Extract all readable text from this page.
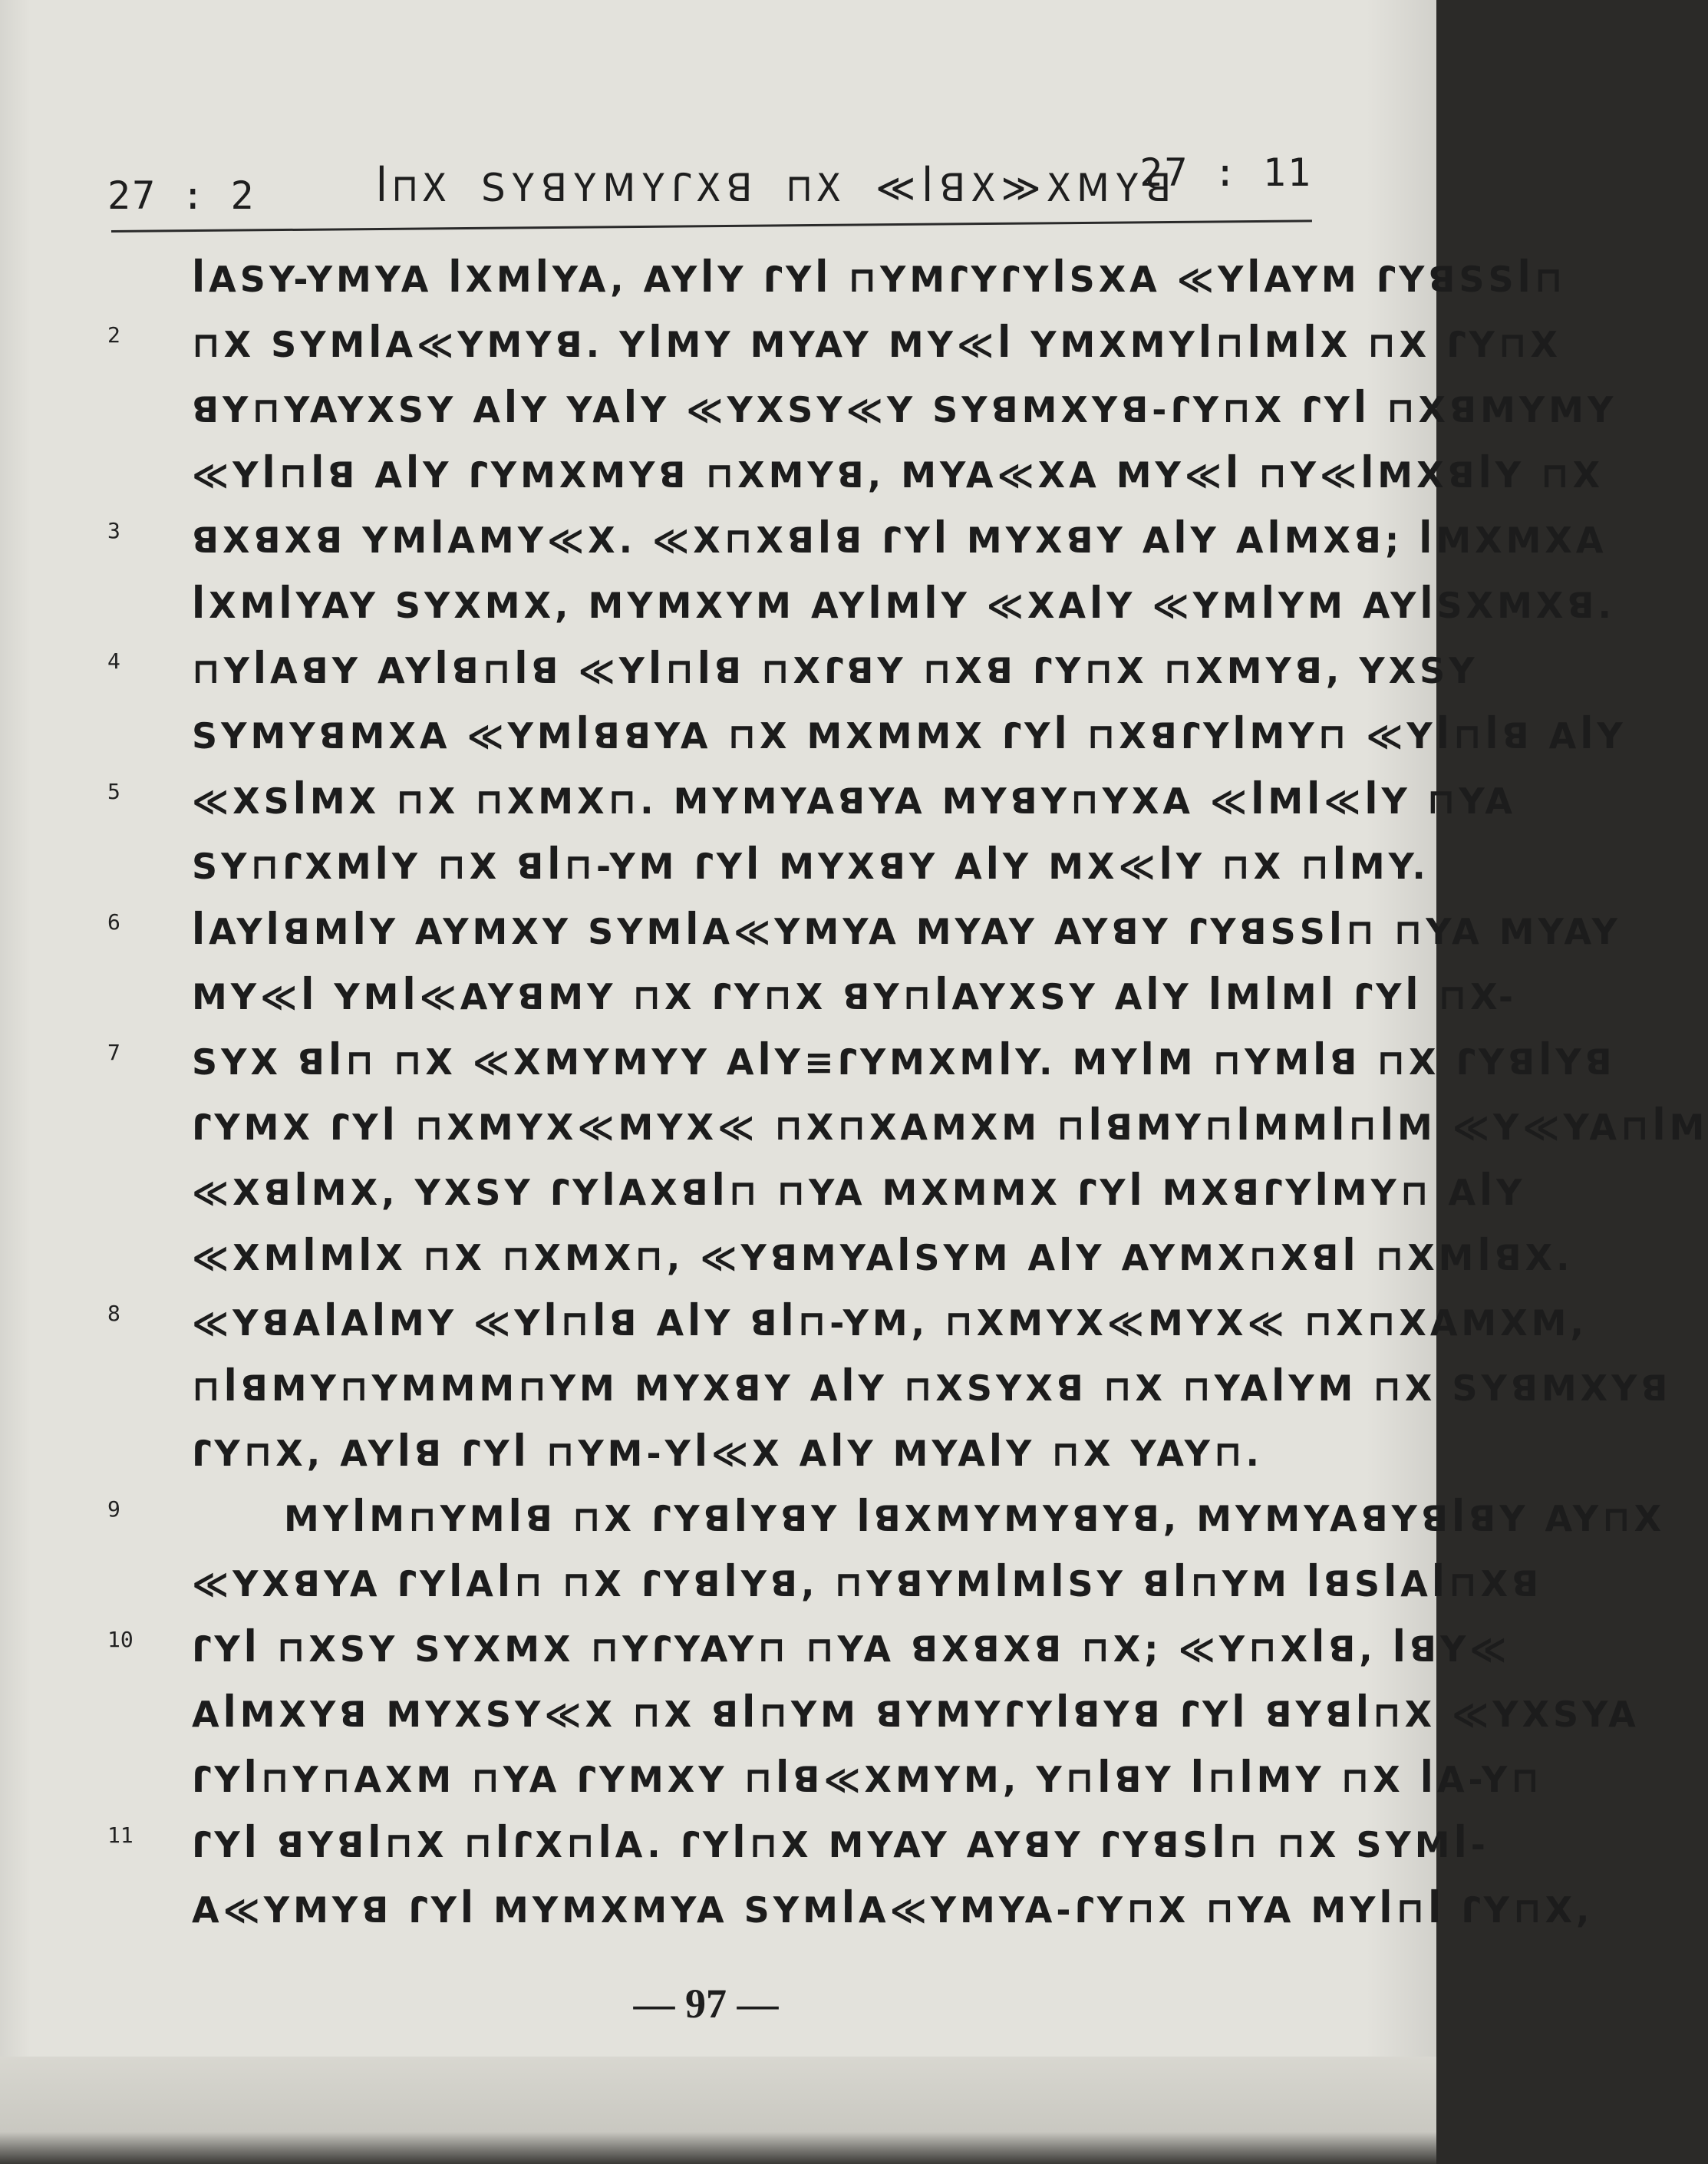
27 : 2	ꟾ⊓X ꓢYꓭYꓟYꓩXꓭ ⊓X ≪ꟾꓭX≫XꓟYꓭ
27 : 11
ꟾAꓢY-YꓟYA ꟾXꓟꟾYA, AYꟾY ꓩYꟾ ⊓YꓟꓩYꓩYꟾꓢXA ≪YꟾAYꓟ ꓩYꓭꓢꓢꟾ⊓
2	⊓X ꓢYꓟꟾA≪YꓟYꓭ. YꟾꓟY ꓟYAY ꓟY≪ꟾ YꓟXꓟYꟾ⊓ꟾꓟꟾX ⊓X ꓩY⊓X
ꓭY⊓YAYXꓢY AꟾY YAꟾY ≪YXꓢY≪Y ꓢYꓭꓟXYꓭ-ꓩY⊓X ꓩYꟾ ⊓XꓭꓟYꓟY
≪Yꟾ⊓ꟾꓭ AꟾY ꓩYꓟXꓟYꓭ ⊓XꓟYꓭ, ꓟYA≪XA ꓟY≪ꟾ ⊓Y≪ꟾꓟXꓭꟾY ⊓X
3	ꓭXꓭXꓭ YꓟꟾAꓟY≪X. ≪X⊓Xꓭꟾꓭ ꓩYꟾ ꓟYXꓭY AꟾY AꟾꓟXꓭ; ꟾꓟXꓟXA
ꟾXꓟꟾYAY ꓢYXꓟX, ꓟYꓟXYꓟ AYꟾꓟꟾY ≪XAꟾY ≪YꓟꟾYꓟ AYꟾꓢXꓟXꓭ.
4	⊓YꟾAꓭY AYꟾꓭ⊓ꟾꓭ ≪Yꟾ⊓ꟾꓭ ⊓XꓩꓭY ⊓Xꓭ ꓩY⊓X ⊓XꓟYꓭ, YXꓢY
ꓢYꓟYꓭꓟXA ≪YꓟꟾꓭꓭYA ⊓X ꓟXꓟꓟX ꓩYꟾ ⊓XꓭꓩYꟾꓟY⊓ ≪Yꟾ⊓ꟾꓭ AꟾY
5	≪XꓢꟾꓟX ⊓X ⊓XꓟX⊓. ꓟYꓟYAꓭYA ꓟYꓭY⊓YXA ≪ꟾꓟꟾ≪ꟾY ⊓YA
ꓢY⊓ꓩXꓟꟾY ⊓X ꓭꟾ⊓-Yꓟ ꓩYꟾ ꓟYXꓭY AꟾY ꓟX≪ꟾY ⊓X ⊓ꟾꓟY.
6	ꟾAYꟾꓭꓟꟾY AYꓟXY ꓢYꓟꟾA≪YꓟYA ꓟYAY AYꓭY ꓩYꓭꓢꓢꟾ⊓ ⊓YA ꓟYAY
ꓟY≪ꟾ Yꓟꟾ≪AYꓭꓟY ⊓X ꓩY⊓X ꓭY⊓ꟾAYXꓢY AꟾY ꟾꓟꟾꓟꟾ ꓩYꟾ ⊓X-
7	ꓢYX ꓭꟾ⊓ ⊓X ≪XꓟYꓟYY AꟾY≡ꓩYꓟXꓟꟾY. ꓟYꟾꓟ ⊓Yꓟꟾꓭ ⊓X ꓩYꓭꟾYꓭ
ꓩYꓟX ꓩYꟾ ⊓XꓟYX≪ꓟYX≪ ⊓X⊓XAꓟXꓟ ⊓ꟾꓭꓟY⊓ꟾꓟꓟꟾ⊓ꟾꓟ ≪Y≪YA⊓ꟾꓟ
≪XꓭꟾꓟX, YXꓢY ꓩYꟾAXꓭꟾ⊓ ⊓YA ꓟXꓟꓟX ꓩYꟾ ꓟXꓭꓩYꟾꓟY⊓ AꟾY
≪XꓟꟾꓟꟾX ⊓X ⊓XꓟX⊓, ≪YꓭꓟYAꟾꓢYꓟ AꟾY AYꓟX⊓Xꓭꟾ ⊓XꓟꟾꓭX.
8	≪YꓭAꟾAꟾꓟY ≪Yꟾ⊓ꟾꓭ AꟾY ꓭꟾ⊓-Yꓟ, ⊓XꓟYX≪ꓟYX≪ ⊓X⊓XAꓟXꓟ,
⊓ꟾꓭꓟY⊓Yꓟꓟꓟ⊓Yꓟ ꓟYXꓭY AꟾY ⊓XꓢYXꓭ ⊓X ⊓YAꟾYꓟ ⊓X ꓢYꓭꓟXYꓭ
ꓩY⊓X, AYꟾꓭ ꓩYꟾ ⊓Yꓟ-Yꟾ≪X AꟾY ꓟYAꟾY ⊓X YAY⊓.
9	ꓟYꟾꓟ⊓Yꓟꟾꓭ ⊓X ꓩYꓭꟾYꓭY ꟾꓭXꓟYꓟYꓭYꓭ, ꓟYꓟYAꓭYꓭꟾꓭY AY⊓X
≪YXꓭYA ꓩYꟾAꟾ⊓ ⊓X ꓩYꓭꟾYꓭ, ⊓YꓭYꓟꟾꓟꟾꓢY ꓭꟾ⊓Yꓟ ꟾꓭꓢꟾAꟾ⊓Xꓭ
10	ꓩYꟾ ⊓XꓢY ꓢYXꓟX ⊓YꓩYAY⊓ ⊓YA ꓭXꓭXꓭ ⊓X; ≪Y⊓Xꟾꓭ, ꟾꓭY≪
AꟾꓟXYꓭ ꓟYXꓢY≪X ⊓X ꓭꟾ⊓Yꓟ ꓭYꓟYꓩYꟾꓭYꓭ ꓩYꟾ ꓭYꓭꟾ⊓X ≪YXꓢYA
ꓩYꟾ⊓Y⊓AXꓟ ⊓YA ꓩYꓟXY ⊓ꟾꓭ≪XꓟYꓟ, Y⊓ꟾꓭY ꟾ⊓ꟾꓟY ⊓X ꟾA-Y⊓
11	ꓩYꟾ ꓭYꓭꟾ⊓X ⊓ꟾꓩX⊓ꟾA. ꓩYꟾ⊓X ꓟYAY AYꓭY ꓩYꓭꓢꟾ⊓ ⊓X ꓢYꓟꟾ-
A≪YꓟYꓭ ꓩYꟾ ꓟYꓟXꓟYA ꓢYꓟꟾA≪YꓟYA-ꓩY⊓X ⊓YA ꓟYꟾ⊓ꟾ ꓩY⊓X,
— 97 —
